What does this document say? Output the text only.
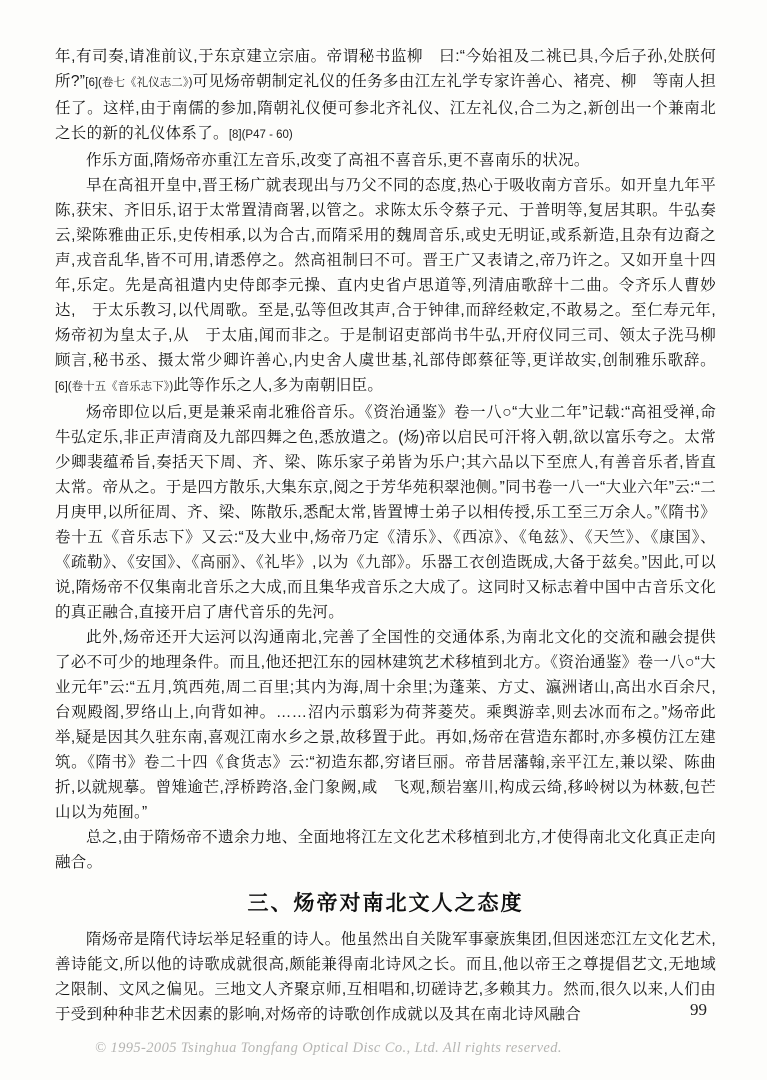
年,有司奏,请准前议,于东京建立宗庙。帝谓秘书监柳　曰:“今始祖及二祧已具,今后子孙,处朕何所?”[6](卷七《礼仪志二》)可见炀帝朝制定礼仪的任务多由江左礼学专家许善心、褚亮、柳　等南人担任了。这样,由于南儒的参加,隋朝礼仪便可参北齐礼仪、江左礼仪,合二为之,新创出一个兼南北之长的新的礼仪体系了。[8](P47 - 60)

作乐方面,隋炀帝亦重江左音乐,改变了高祖不喜音乐,更不喜南乐的状况。

早在高祖开皇中,晋王杨广就表现出与乃父不同的态度,热心于吸收南方音乐。如开皇九年平陈,获宋、齐旧乐,诏于太常置清商署,以管之。求陈太乐令蔡子元、于普明等,复居其职。牛弘奏云,梁陈雅曲正乐,史传相承,以为合古,而隋采用的魏周音乐,或史无明证,或系新造,且杂有边裔之声,戎音乱华,皆不可用,请悉停之。然高祖制曰不可。晋王广又表请之,帝乃许之。又如开皇十四年,乐定。先是高祖遣内史侍郎李元操、直内史省卢思道等,列清庙歌辞十二曲。令齐乐人曹妙达,　于太乐教习,以代周歌。至是,弘等但改其声,合于钟律,而辞经敕定,不敢易之。至仁寿元年,炀帝初为皇太子,从　于太庙,闻而非之。于是制诏吏部尚书牛弘,开府仪同三司、领太子洗马柳顾言,秘书丞、摄太常少卿许善心,内史舍人虞世基,礼部侍郎蔡征等,更详故实,创制雅乐歌辞。[6](卷十五《音乐志下》)此等作乐之人,多为南朝旧臣。

炀帝即位以后,更是兼采南北雅俗音乐。《资治通鉴》卷一八○“大业二年”记载:“高祖受禅,命牛弘定乐,非正声清商及九部四舞之色,悉放遣之。(炀)帝以启民可汗将入朝,欲以富乐夸之。太常少卿裴蕴希旨,奏括天下周、齐、梁、陈乐家子弟皆为乐户;其六品以下至庶人,有善音乐者,皆直太常。帝从之。于是四方散乐,大集东京,阅之于芳华苑积翠池侧。”同书卷一八一“大业六年”云:“二月庚甲,以所征周、齐、梁、陈散乐,悉配太常,皆置博士弟子以相传授,乐工至三万余人。”《隋书》卷十五《音乐志下》又云:“及大业中,炀帝乃定《清乐》、《西凉》、《龟兹》、《天竺》、《康国》、《疏勒》、《安国》、《高丽》、《礼毕》,以为《九部》。乐器工衣创造既成,大备于兹矣。”因此,可以说,隋炀帝不仅集南北音乐之大成,而且集华戎音乐之大成了。这同时又标志着中国中古音乐文化的真正融合,直接开启了唐代音乐的先河。

此外,炀帝还开大运河以沟通南北,完善了全国性的交通体系,为南北文化的交流和融会提供了必不可少的地理条件。而且,他还把江东的园林建筑艺术移植到北方。《资治通鉴》卷一八○“大业元年”云:“五月,筑西苑,周二百里;其内为海,周十余里;为蓬莱、方丈、瀛洲诸山,高出水百余尺,台观殿阁,罗络山上,向背如神。……沼内示翦彩为荷荠菱芡。乘舆游幸,则去冰而布之。”炀帝此举,疑是因其久驻东南,喜观江南水乡之景,故移置于此。再如,炀帝在营造东都时,亦多模仿江左建筑。《隋书》卷二十四《食货志》云:“初造东都,穷诸巨丽。帝昔居藩翰,亲平江左,兼以梁、陈曲折,以就规摹。曾雉逾芒,浮桥跨洛,金门象阙,咸　飞观,颓岩塞川,构成云绮,移岭树以为林薮,包芒山以为苑囿。”

总之,由于隋炀帝不遗余力地、全面地将江左文化艺术移植到北方,才使得南北文化真正走向融合。

三、炀帝对南北文人之态度

隋炀帝是隋代诗坛举足轻重的诗人。他虽然出自关陇军事豪族集团,但因迷恋江左文化艺术,善诗能文,所以他的诗歌成就很高,颇能兼得南北诗风之长。而且,他以帝王之尊提倡艺文,无地域之限制、文风之偏见。三地文人齐聚京师,互相唱和,切磋诗艺,多赖其力。然而,很久以来,人们由于受到种种非艺术因素的影响,对炀帝的诗歌创作成就以及其在南北诗风融合	99
© 1995-2005 Tsinghua Tongfang Optical Disc Co., Ltd. All rights reserved.
